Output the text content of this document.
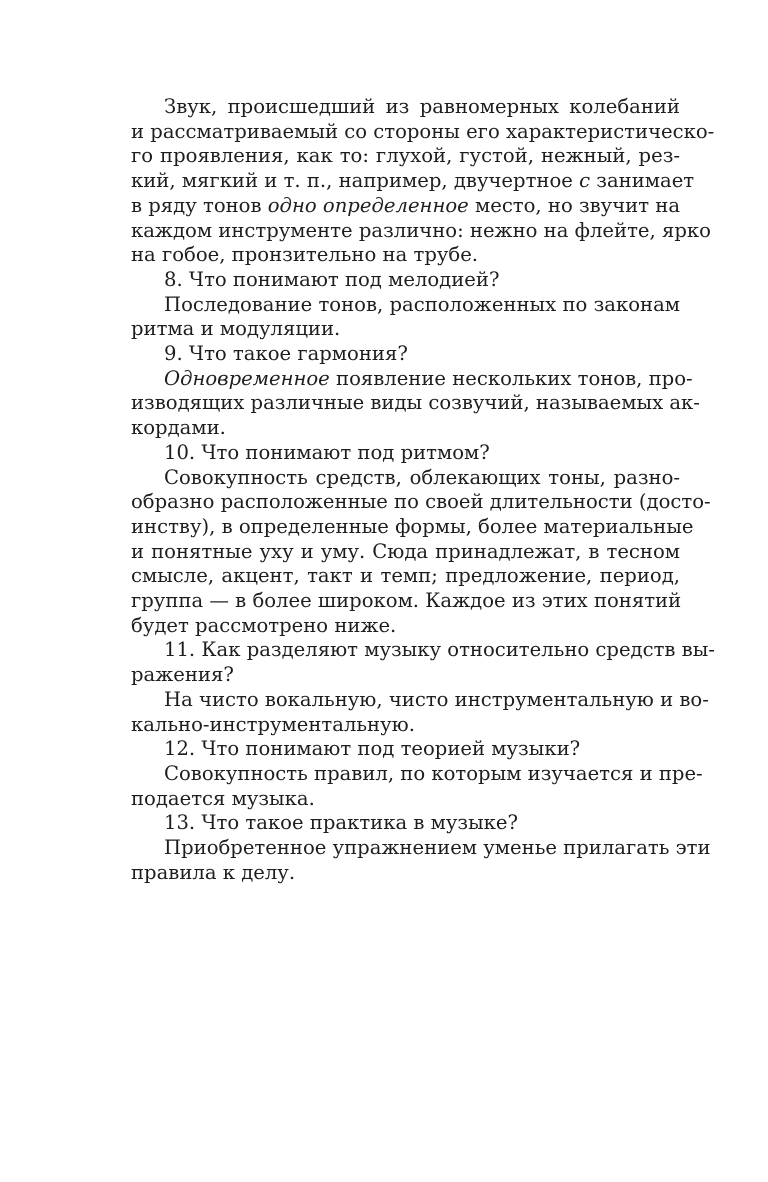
Звук, происшедший из равномерных колебаний
и рассматриваемый со стороны его характеристическо-
го проявления, как то: глухой, густой, нежный, рез-
кий, мягкий и т. п., например, двучертное с занимает
в ряду тонов одно определенное место, но звучит на
каждом инструменте различно: нежно на флейте, ярко
на гобое, пронзительно на трубе.
8. Что понимают под мелодией?
Последование тонов, расположенных по законам
ритма и модуляции.
9. Что такое гармония?
Одновременное появление нескольких тонов, про-
изводящих различные виды созвучий, называемых ак-
кордами.
10. Что понимают под ритмом?
Совокупность средств, облекающих тоны, разно-
образно расположенные по своей длительности (досто-
инству), в определенные формы, более материальные
и понятные уху и уму. Сюда принадлежат, в тесном
смысле, акцент, такт и темп; предложение, период,
группа — в более широком. Каждое из этих понятий
будет рассмотрено ниже.
11. Как разделяют музыку относительно средств вы-
ражения?
На чисто вокальную, чисто инструментальную и во-
кально-инструментальную.
12. Что понимают под теорией музыки?
Совокупность правил, по которым изучается и пре-
подается музыка.
13. Что такое практика в музыке?
Приобретенное упражнением уменье прилагать эти
правила к делу.
